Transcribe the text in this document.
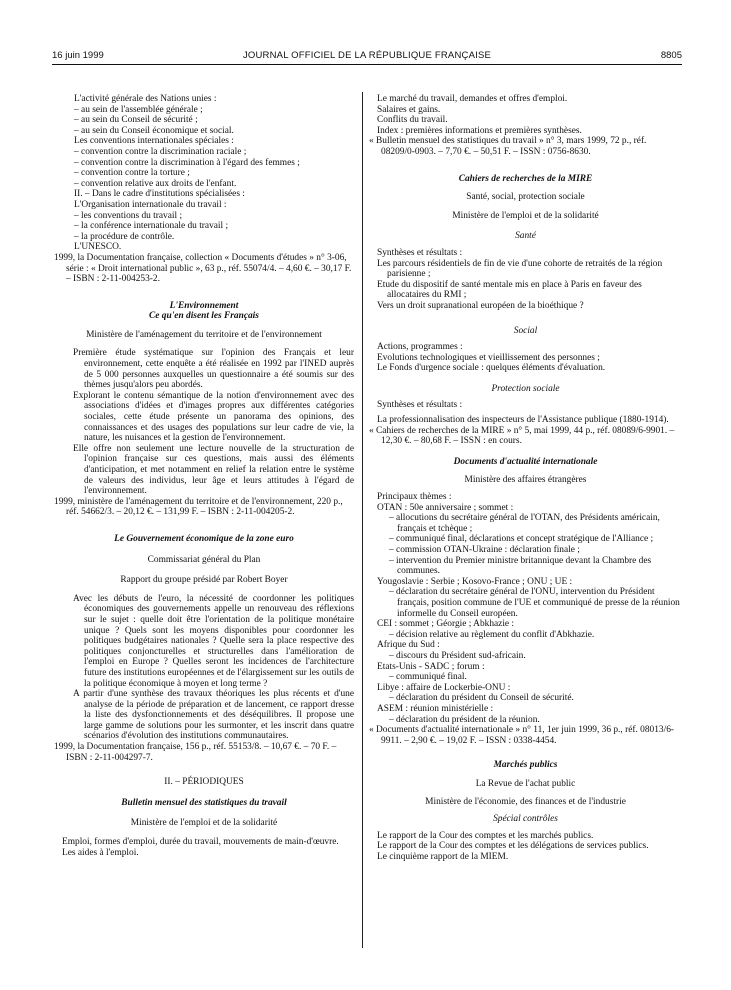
16 juin 1999	JOURNAL OFFICIEL DE LA RÉPUBLIQUE FRANÇAISE	8805

L'activité générale des Nations unies :

– au sein de l'assemblée générale ;

– au sein du Conseil de sécurité ;

– au sein du Conseil économique et social.

Les conventions internationales spéciales :

– convention contre la discrimination raciale ;

– convention contre la discrimination à l'égard des femmes ;

– convention contre la torture ;

– convention relative aux droits de l'enfant.

II. – Dans le cadre d'institutions spécialisées :

L'Organisation internationale du travail :

– les conventions du travail ;

– la conférence internationale du travail ;

– la procédure de contrôle.

L'UNESCO.

1999, la Documentation française, collection « Documents d'études » n° 3-06, série : « Droit international public », 63 p., réf. 55074/4. – 4,60 €. – 30,17 F. – ISBN : 2-11-004253-2.

L'Environnement

Ce qu'en disent les Français

Ministère de l'aménagement du territoire et de l'environnement

Première étude systématique sur l'opinion des Français et leur environnement, cette enquête a été réalisée en 1992 par l'INED auprès de 5 000 personnes auxquelles un questionnaire a été soumis sur des thèmes jusqu'alors peu abordés.

Explorant le contenu sémantique de la notion d'environnement avec des associations d'idées et d'images propres aux différentes catégories sociales, cette étude présente un panorama des opinions, des connaissances et des usages des populations sur leur cadre de vie, la nature, les nuisances et la gestion de l'environnement.

Elle offre non seulement une lecture nouvelle de la structuration de l'opinion française sur ces questions, mais aussi des éléments d'anticipation, et met notamment en relief la relation entre le système de valeurs des individus, leur âge et leurs attitudes à l'égard de l'environnement.

1999, ministère de l'aménagement du territoire et de l'environnement, 220 p., réf. 54662/3. – 20,12 €. – 131,99 F. – ISBN : 2-11-004205-2.

Le Gouvernement économique de la zone euro

Commissariat général du Plan

Rapport du groupe présidé par Robert Boyer

Avec les débuts de l'euro, la nécessité de coordonner les politiques économiques des gouvernements appelle un renouveau des réflexions sur le sujet : quelle doit être l'orientation de la politique monétaire unique ? Quels sont les moyens disponibles pour coordonner les politiques budgétaires nationales ? Quelle sera la place respective des politiques conjoncturelles et structurelles dans l'amélioration de l'emploi en Europe ? Quelles seront les incidences de l'architecture future des institutions européennes et de l'élargissement sur les outils de la politique économique à moyen et long terme ?

A partir d'une synthèse des travaux théoriques les plus récents et d'une analyse de la période de préparation et de lancement, ce rapport dresse la liste des dysfonctionnements et des déséquilibres. Il propose une large gamme de solutions pour les surmonter, et les inscrit dans quatre scénarios d'évolution des institutions communautaires.

1999, la Documentation française, 156 p., réf. 55153/8. – 10,67 €. – 70 F. – ISBN : 2-11-004297-7.

II. – PÉRIODIQUES

Bulletin mensuel des statistiques du travail

Ministère de l'emploi et de la solidarité

Emploi, formes d'emploi, durée du travail, mouvements de main-d'œuvre.

Les aides à l'emploi.

Le marché du travail, demandes et offres d'emploi.

Salaires et gains.

Conflits du travail.

Index : premières informations et premières synthèses.

« Bulletin mensuel des statistiques du travail » n° 3, mars 1999, 72 p., réf. 08209/0-0903. – 7,70 €. – 50,51 F. – ISSN : 0756-8630.

Cahiers de recherches de la MIRE

Santé, social, protection sociale

Ministère de l'emploi et de la solidarité

Santé

Synthèses et résultats :

Les parcours résidentiels de fin de vie d'une cohorte de retraités de la région parisienne ;

Etude du dispositif de santé mentale mis en place à Paris en faveur des allocataires du RMI ;

Vers un droit supranational européen de la bioéthique ?

Social

Actions, programmes :

Evolutions technologiques et vieillissement des personnes ;

Le Fonds d'urgence sociale : quelques éléments d'évaluation.

Protection sociale

Synthèses et résultats :

La professionnalisation des inspecteurs de l'Assistance publique (1880-1914).

« Cahiers de recherches de la MIRE » n° 5, mai 1999, 44 p., réf. 08089/6-9901. – 12,30 €. – 80,68 F. – ISSN : en cours.

Documents d'actualité internationale

Ministère des affaires étrangères

Principaux thèmes :

OTAN : 50e anniversaire ; sommet :

– allocutions du secrétaire général de l'OTAN, des Présidents américain, français et tchèque ;

– communiqué final, déclarations et concept stratégique de l'Alliance ;

– commission OTAN-Ukraine : déclaration finale ;

– intervention du Premier ministre britannique devant la Chambre des communes.

Yougoslavie : Serbie ; Kosovo-France ; ONU ; UE :

– déclaration du secrétaire général de l'ONU, intervention du Président français, position commune de l'UE et communiqué de presse de la réunion informelle du Conseil européen.

CEI : sommet ; Géorgie ; Abkhazie :

– décision relative au règlement du conflit d'Abkhazie.

Afrique du Sud :

– discours du Président sud-africain.

Etats-Unis - SADC ; forum :

– communiqué final.

Libye : affaire de Lockerbie-ONU :

– déclaration du président du Conseil de sécurité.

ASEM : réunion ministérielle :

– déclaration du président de la réunion.

« Documents d'actualité internationale » n° 11, 1er juin 1999, 36 p., réf. 08013/6-9911. – 2,90 €. – 19,02 F. – ISSN : 0338-4454.

Marchés publics

La Revue de l'achat public

Ministère de l'économie, des finances et de l'industrie

Spécial contrôles

Le rapport de la Cour des comptes et les marchés publics.

Le rapport de la Cour des comptes et les délégations de services publics.

Le cinquième rapport de la MIEM.
